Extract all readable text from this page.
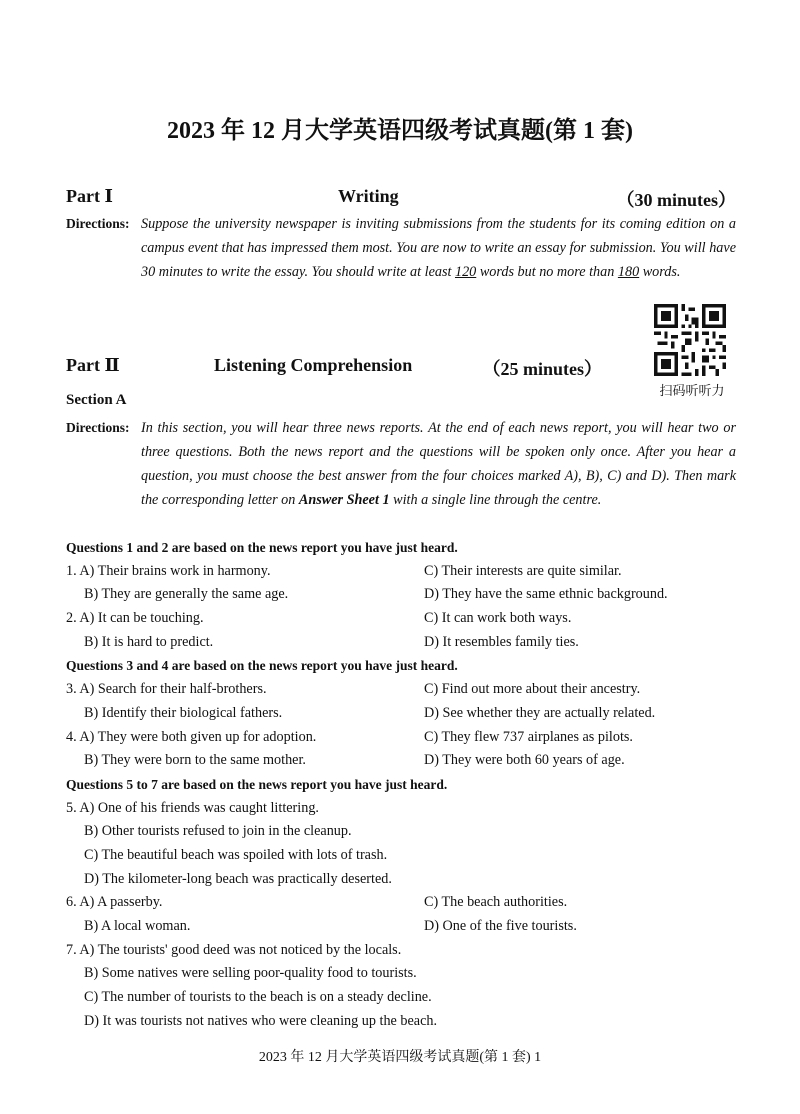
2023 年 12 月大学英语四级考试真题(第 1 套)
Part Ⅰ	Writing	（30 minutes）
Directions: Suppose the university newspaper is inviting submissions from the students for its coming edition on a campus event that has impressed them most. You are now to write an essay for submission. You will have 30 minutes to write the essay. You should write at least 120 words but no more than 180 words.
Part Ⅱ	Listening Comprehension	（25 minutes）
扫码听听力
Section A
Directions: In this section, you will hear three news reports. At the end of each news report, you will hear two or three questions. Both the news report and the questions will be spoken only once. After you hear a question, you must choose the best answer from the four choices marked A), B), C) and D). Then mark the corresponding letter on Answer Sheet 1 with a single line through the centre.
Questions 1 and 2 are based on the news report you have just heard.
1. A) Their brains work in harmony.	C) Their interests are quite similar.
B) They are generally the same age.	D) They have the same ethnic background.
2. A) It can be touching.	C) It can work both ways.
B) It is hard to predict.	D) It resembles family ties.
Questions 3 and 4 are based on the news report you have just heard.
3. A) Search for their half-brothers.	C) Find out more about their ancestry.
B) Identify their biological fathers.	D) See whether they are actually related.
4. A) They were both given up for adoption.	C) They flew 737 airplanes as pilots.
B) They were born to the same mother.	D) They were both 60 years of age.
Questions 5 to 7 are based on the news report you have just heard.
5. A) One of his friends was caught littering.
B) Other tourists refused to join in the cleanup.
C) The beautiful beach was spoiled with lots of trash.
D) The kilometer-long beach was practically deserted.
6. A) A passerby.	C) The beach authorities.
B) A local woman.	D) One of the five tourists.
7. A) The tourists' good deed was not noticed by the locals.
B) Some natives were selling poor-quality food to tourists.
C) The number of tourists to the beach is on a steady decline.
D) It was tourists not natives who were cleaning up the beach.
2023 年 12 月大学英语四级考试真题(第 1 套) 1
